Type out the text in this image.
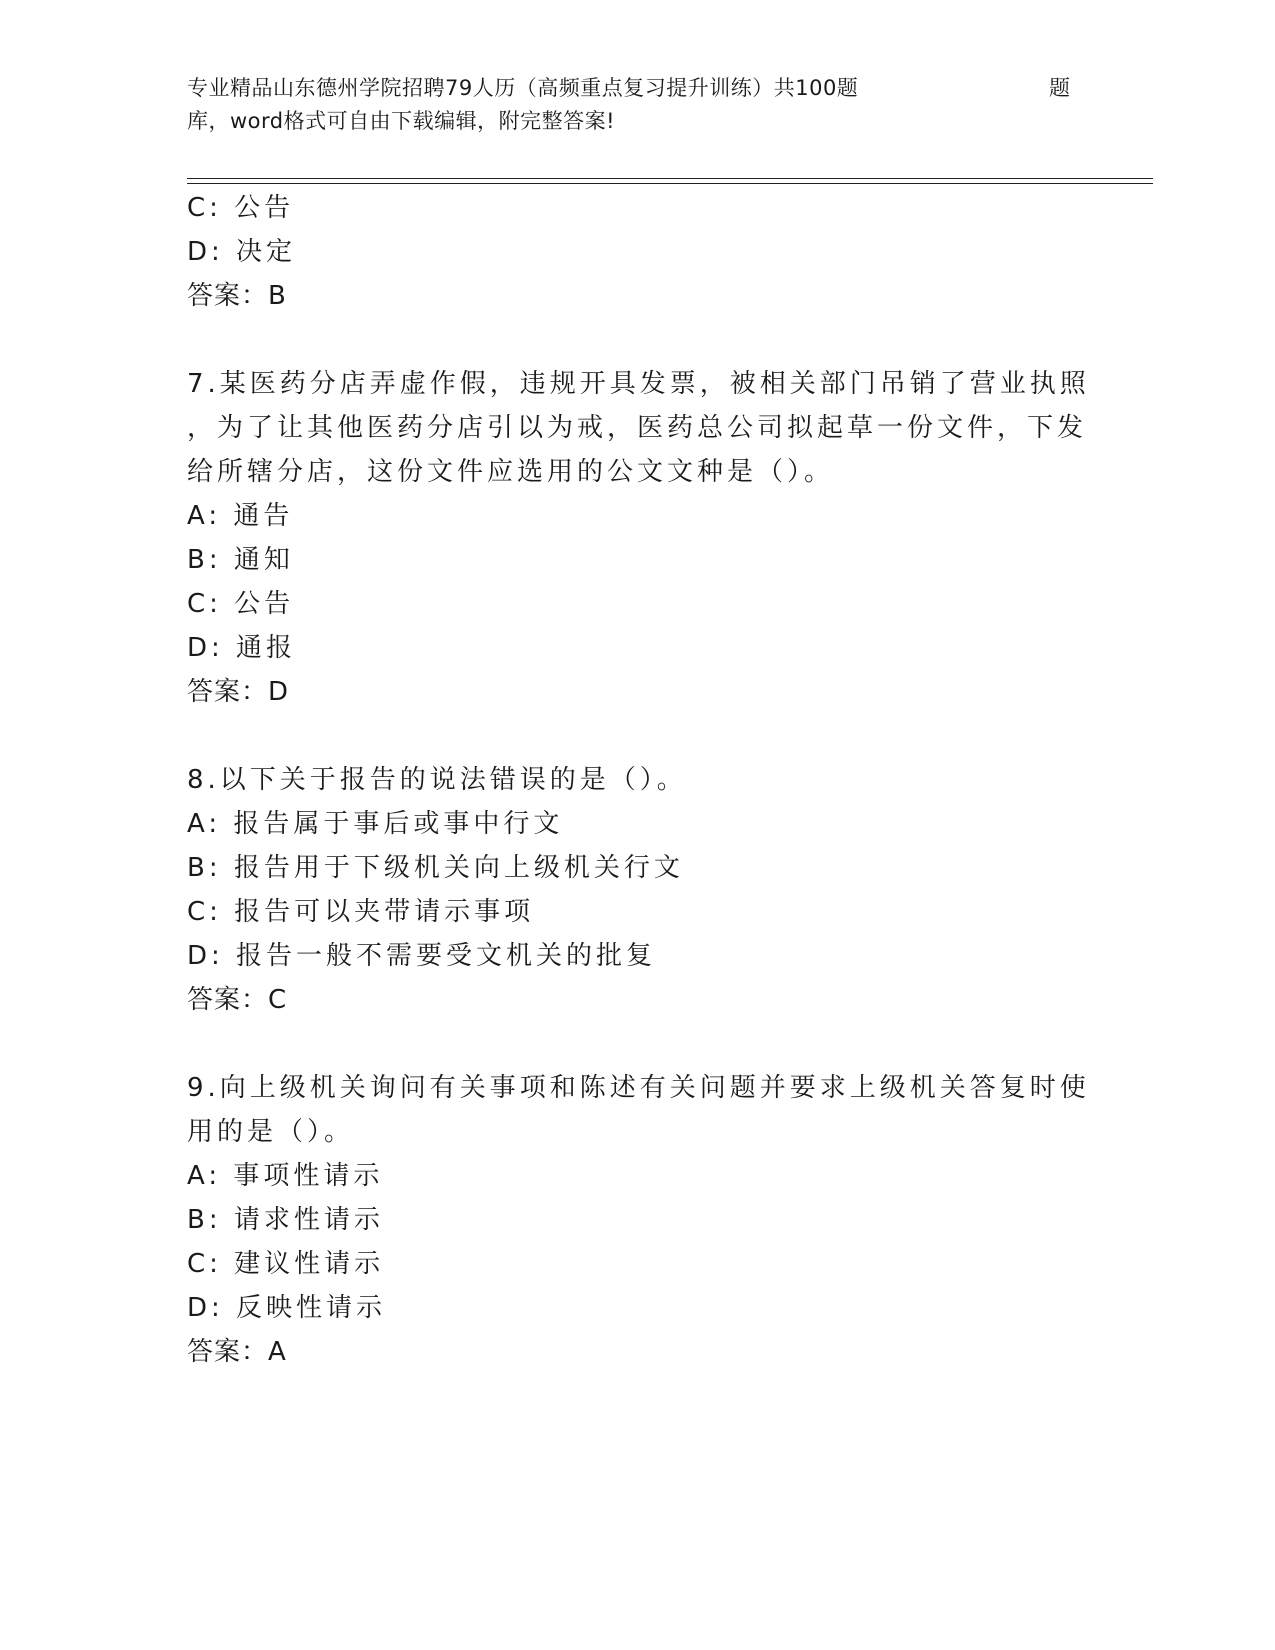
专业精品山东德州学院招聘79人历（高频重点复习提升训练）共100题	题
库，word格式可自由下载编辑，附完整答案!
C: 公告
D: 决定
答案：B
7.某医药分店弄虚作假，违规开具发票，被相关部门吊销了营业执照
，为了让其他医药分店引以为戒，医药总公司拟起草一份文件，下发
给所辖分店，这份文件应选用的公文文种是（）。
A: 通告
B: 通知
C: 公告
D: 通报
答案：D
8.以下关于报告的说法错误的是（）。
A: 报告属于事后或事中行文
B: 报告用于下级机关向上级机关行文
C: 报告可以夹带请示事项
D: 报告一般不需要受文机关的批复
答案：C
9.向上级机关询问有关事项和陈述有关问题并要求上级机关答复时使
用的是（）。
A: 事项性请示
B: 请求性请示
C: 建议性请示
D: 反映性请示
答案：A
